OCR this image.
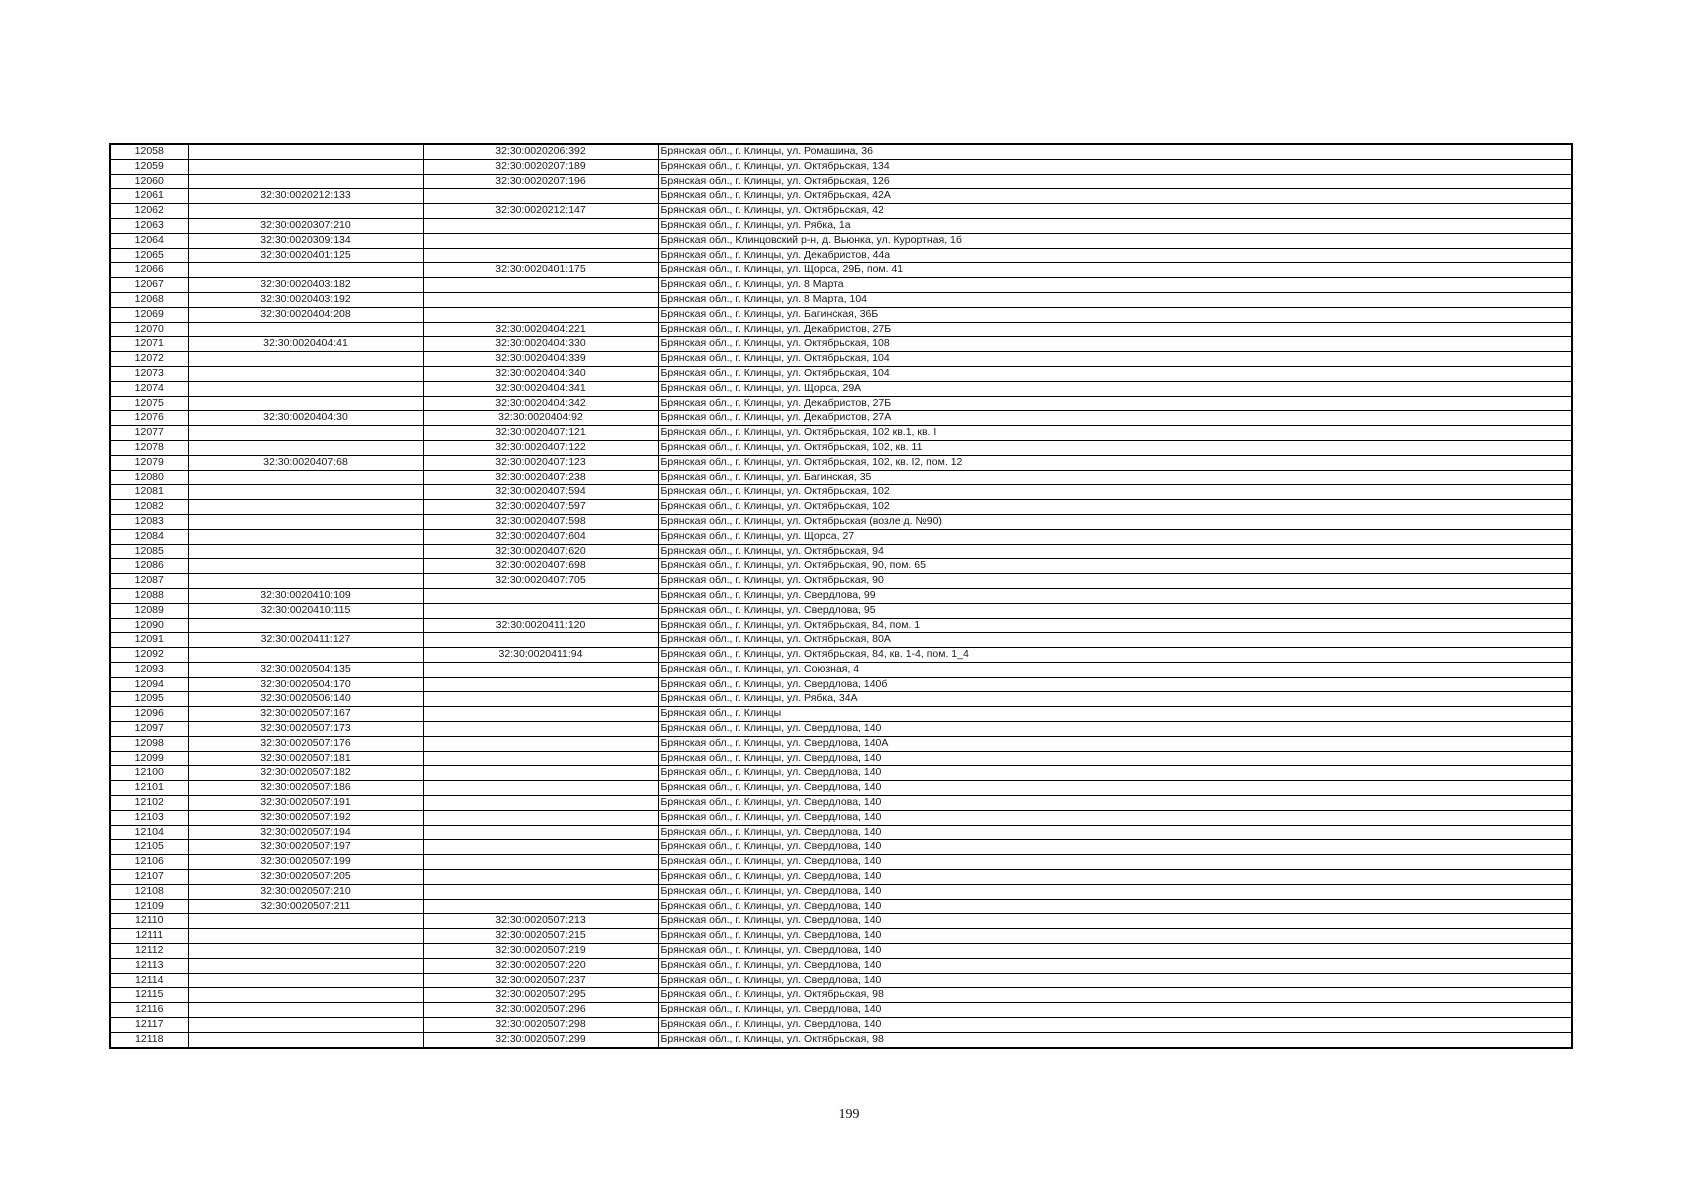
12058		32:30:0020206:392	Брянская обл., г. Клинцы, ул. Ромашина, 36
12059		32:30:0020207:189	Брянская обл., г. Клинцы, ул. Октябрьская, 134
12060		32:30:0020207:196	Брянская обл., г. Клинцы, ул. Октябрьская, 126
12061	32:30:0020212:133		Брянская обл., г. Клинцы, ул. Октябрьская, 42А
12062		32:30:0020212:147	Брянская обл., г. Клинцы, ул. Октябрьская, 42
12063	32:30:0020307:210		Брянская обл., г. Клинцы, ул. Рябка, 1а
12064	32:30:0020309:134		Брянская обл., Клинцовский р-н, д. Вьюнка, ул. Курортная, 1б
12065	32:30:0020401:125		Брянская обл., г. Клинцы, ул. Декабристов, 44а
12066		32:30:0020401:175	Брянская обл., г. Клинцы, ул. Щорса, 29Б, пом. 41
12067	32:30:0020403:182		Брянская обл., г. Клинцы, ул. 8 Марта
12068	32:30:0020403:192		Брянская обл., г. Клинцы, ул. 8 Марта, 104
12069	32:30:0020404:208		Брянская обл., г. Клинцы, ул. Багинская, 36Б
12070		32:30:0020404:221	Брянская обл., г. Клинцы, ул. Декабристов, 27Б
12071	32:30:0020404:41	32:30:0020404:330	Брянская обл., г. Клинцы, ул. Октябрьская, 108
12072		32:30:0020404:339	Брянская обл., г. Клинцы, ул. Октябрьская, 104
12073		32:30:0020404:340	Брянская обл., г. Клинцы, ул. Октябрьская, 104
12074		32:30:0020404:341	Брянская обл., г. Клинцы, ул. Щорса, 29А
12075		32:30:0020404:342	Брянская обл., г. Клинцы, ул. Декабристов, 27Б
12076	32:30:0020404:30	32:30:0020404:92	Брянская обл., г. Клинцы, ул. Декабристов, 27А
12077		32:30:0020407:121	Брянская обл., г. Клинцы, ул. Октябрьская, 102 кв.1, кв. I
12078		32:30:0020407:122	Брянская обл., г. Клинцы, ул. Октябрьская, 102, кв. 11
12079	32:30:0020407:68	32:30:0020407:123	Брянская обл., г. Клинцы, ул. Октябрьская, 102, кв. I2, пом. 12
12080		32:30:0020407:238	Брянская обл., г. Клинцы, ул. Багинская, 35
12081		32:30:0020407:594	Брянская обл., г. Клинцы, ул. Октябрьская, 102
12082		32:30:0020407:597	Брянская обл., г. Клинцы, ул. Октябрьская, 102
12083		32:30:0020407:598	Брянская обл., г. Клинцы, ул. Октябрьская (возле д. №90)
12084		32:30:0020407:604	Брянская обл., г. Клинцы, ул. Щорса, 27
12085		32:30:0020407:620	Брянская обл., г. Клинцы, ул. Октябрьская, 94
12086		32:30:0020407:698	Брянская обл., г. Клинцы, ул. Октябрьская, 90, пом. 65
12087		32:30:0020407:705	Брянская обл., г. Клинцы, ул. Октябрьская, 90
12088	32:30:0020410:109		Брянская обл., г. Клинцы, ул. Свердлова, 99
12089	32:30:0020410:115		Брянская обл., г. Клинцы, ул. Свердлова, 95
12090		32:30:0020411:120	Брянская обл., г. Клинцы, ул. Октябрьская, 84, пом. 1
12091	32:30:0020411:127		Брянская обл., г. Клинцы, ул. Октябрьская, 80А
12092		32:30:0020411:94	Брянская обл., г. Клинцы, ул. Октябрьская, 84, кв. 1-4, пом. 1_4
12093	32:30:0020504:135		Брянская обл., г. Клинцы, ул. Союзная, 4
12094	32:30:0020504:170		Брянская обл., г. Клинцы, ул. Свердлова, 140б
12095	32:30:0020506:140		Брянская обл., г. Клинцы, ул. Рябка, 34А
12096	32:30:0020507:167		Брянская обл., г. Клинцы
12097	32:30:0020507:173		Брянская обл., г. Клинцы, ул. Свердлова, 140
12098	32:30:0020507:176		Брянская обл., г. Клинцы, ул. Свердлова, 140А
12099	32:30:0020507:181		Брянская обл., г. Клинцы, ул. Свердлова, 140
12100	32:30:0020507:182		Брянская обл., г. Клинцы, ул. Свердлова, 140
12101	32:30:0020507:186		Брянская обл., г. Клинцы, ул. Свердлова, 140
12102	32:30:0020507:191		Брянская обл., г. Клинцы, ул. Свердлова, 140
12103	32:30:0020507:192		Брянская обл., г. Клинцы, ул. Свердлова, 140
12104	32:30:0020507:194		Брянская обл., г. Клинцы, ул. Свердлова, 140
12105	32:30:0020507:197		Брянская обл., г. Клинцы, ул. Свердлова, 140
12106	32:30:0020507:199		Брянская обл., г. Клинцы, ул. Свердлова, 140
12107	32:30:0020507:205		Брянская обл., г. Клинцы, ул. Свердлова, 140
12108	32:30:0020507:210		Брянская обл., г. Клинцы, ул. Свердлова, 140
12109	32:30:0020507:211		Брянская обл., г. Клинцы, ул. Свердлова, 140
12110		32:30:0020507:213	Брянская обл., г. Клинцы, ул. Свердлова, 140
12111		32:30:0020507:215	Брянская обл., г. Клинцы, ул. Свердлова, 140
12112		32:30:0020507:219	Брянская обл., г. Клинцы, ул. Свердлова, 140
12113		32:30:0020507:220	Брянская обл., г. Клинцы, ул. Свердлова, 140
12114		32:30:0020507:237	Брянская обл., г. Клинцы, ул. Свердлова, 140
12115		32:30:0020507:295	Брянская обл., г. Клинцы, ул. Октябрьская, 98
12116		32:30:0020507:296	Брянская обл., г. Клинцы, ул. Свердлова, 140
12117		32:30:0020507:298	Брянская обл., г. Клинцы, ул. Свердлова, 140
12118		32:30:0020507:299	Брянская обл., г. Клинцы, ул. Октябрьская, 98
199
